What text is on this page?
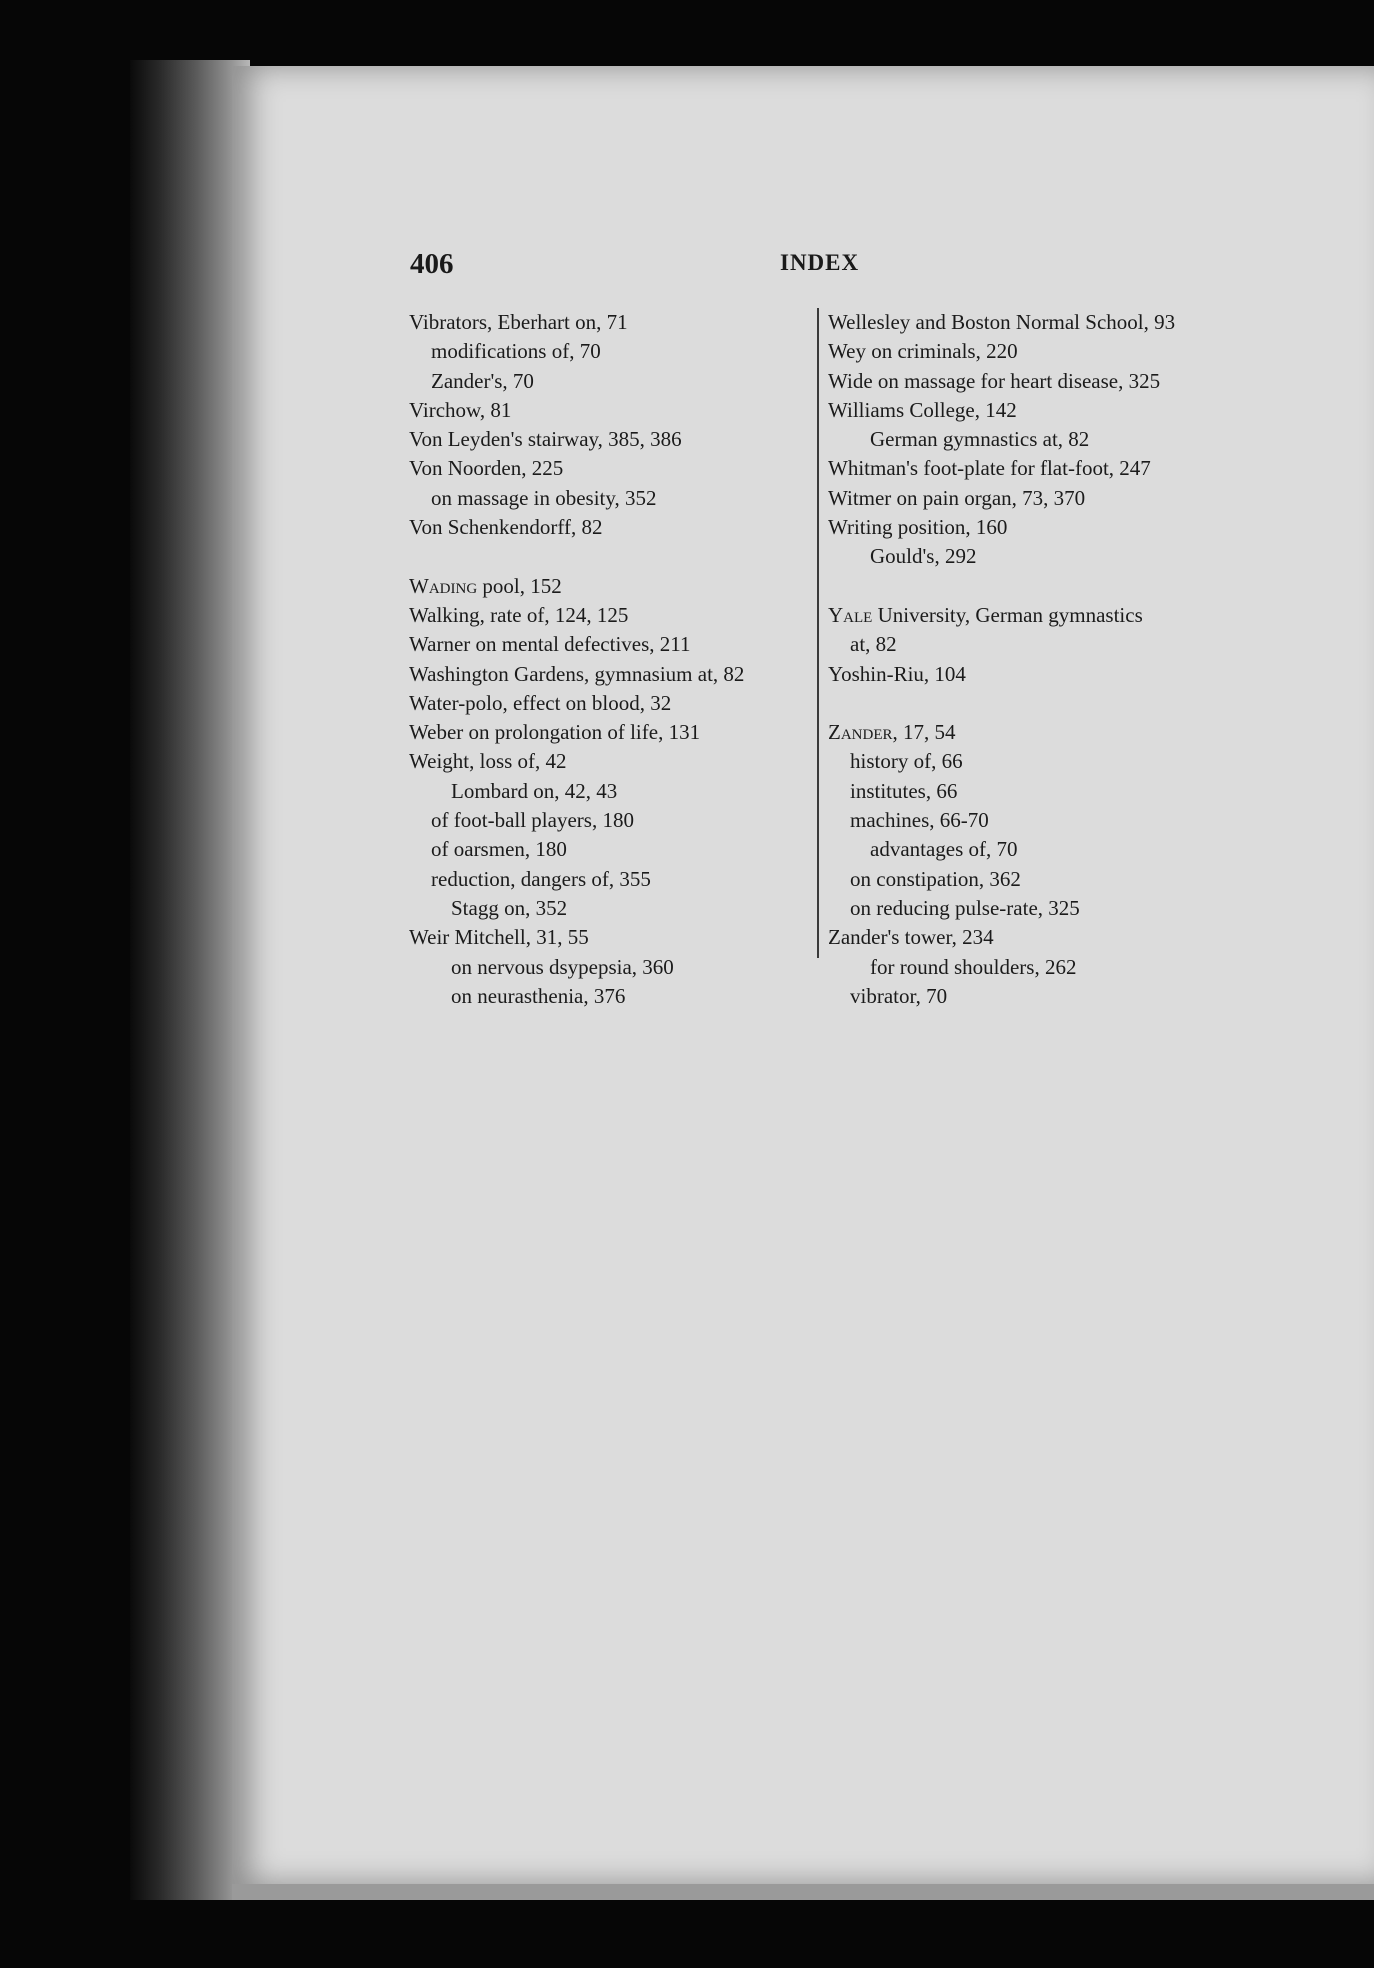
406	INDEX
Vibrators, Eberhart on, 71
modifications of, 70
Zander's, 70
Virchow, 81
Von Leyden's stairway, 385, 386
Von Noorden, 225
on massage in obesity, 352
Von Schenkendorff, 82
Wading pool, 152
Walking, rate of, 124, 125
Warner on mental defectives, 211
Washington Gardens, gymnasium at, 82
Water-polo, effect on blood, 32
Weber on prolongation of life, 131
Weight, loss of, 42
Lombard on, 42, 43
of foot-ball players, 180
of oarsmen, 180
reduction, dangers of, 355
Stagg on, 352
Weir Mitchell, 31, 55
on nervous dsypepsia, 360
on neurasthenia, 376
Wellesley and Boston Normal School, 93
Wey on criminals, 220
Wide on massage for heart disease, 325
Williams College, 142
German gymnastics at, 82
Whitman's foot-plate for flat-foot, 247
Witmer on pain organ, 73, 370
Writing position, 160
Gould's, 292
Yale University, German gymnastics
at, 82
Yoshin-Riu, 104
Zander, 17, 54
history of, 66
institutes, 66
machines, 66-70
advantages of, 70
on constipation, 362
on reducing pulse-rate, 325
Zander's tower, 234
for round shoulders, 262
vibrator, 70
